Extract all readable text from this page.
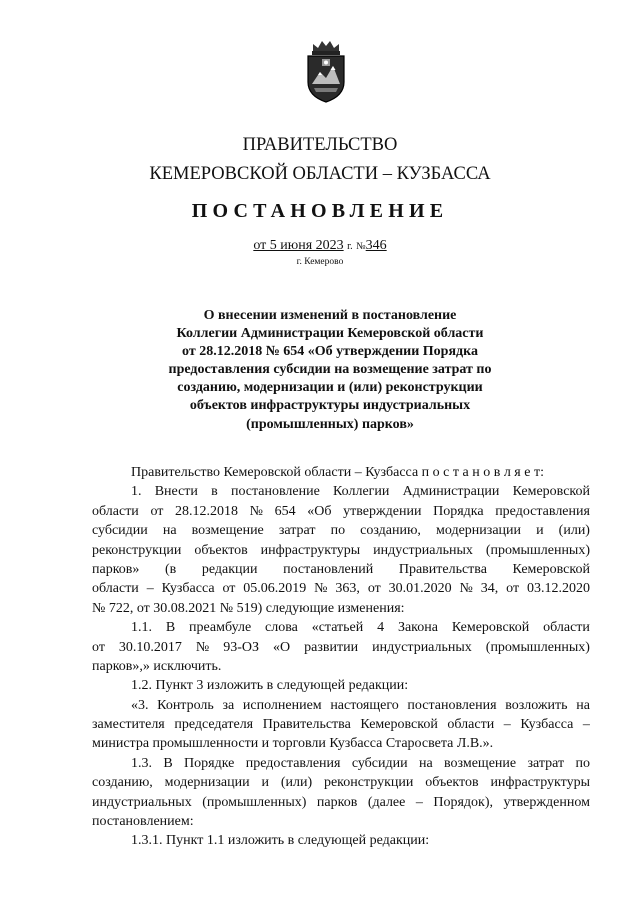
ПРАВИТЕЛЬСТВО
КЕМЕРОВСКОЙ ОБЛАСТИ – КУЗБАССА
ПОСТАНОВЛЕНИЕ
от 5 июня 2023 г. №346
г. Кемерово
О внесении изменений в постановление
Коллегии Администрации Кемеровской области
от 28.12.2018 № 654 «Об утверждении Порядка
предоставления субсидии на возмещение затрат по
созданию, модернизации и (или) реконструкции
объектов инфраструктуры индустриальных
(промышленных) парков»
Правительство Кемеровской области – Кузбасса п о с т а н о в л я е т:
1. Внести в постановление Коллегии Администрации Кемеровской
области от 28.12.2018 № 654 «Об утверждении Порядка предоставления
субсидии на возмещение затрат по созданию, модернизации и (или)
реконструкции объектов инфраструктуры индустриальных (промышленных)
парков» (в редакции постановлений Правительства Кемеровской
области – Кузбасса от 05.06.2019 № 363, от 30.01.2020 № 34, от 03.12.2020
№ 722, от 30.08.2021 № 519) следующие изменения:
1.1. В преамбуле слова «статьей 4 Закона Кемеровской области
от 30.10.2017 № 93-ОЗ «О развитии индустриальных (промышленных)
парков»,» исключить.
1.2. Пункт 3 изложить в следующей редакции:
«3. Контроль за исполнением настоящего постановления возложить на
заместителя председателя Правительства Кемеровской области – Кузбасса –
министра промышленности и торговли Кузбасса Старосвета Л.В.».
1.3. В Порядке предоставления субсидии на возмещение затрат по
созданию, модернизации и (или) реконструкции объектов инфраструктуры
индустриальных (промышленных) парков (далее – Порядок), утвержденном
постановлением:
1.3.1. Пункт 1.1 изложить в следующей редакции:
